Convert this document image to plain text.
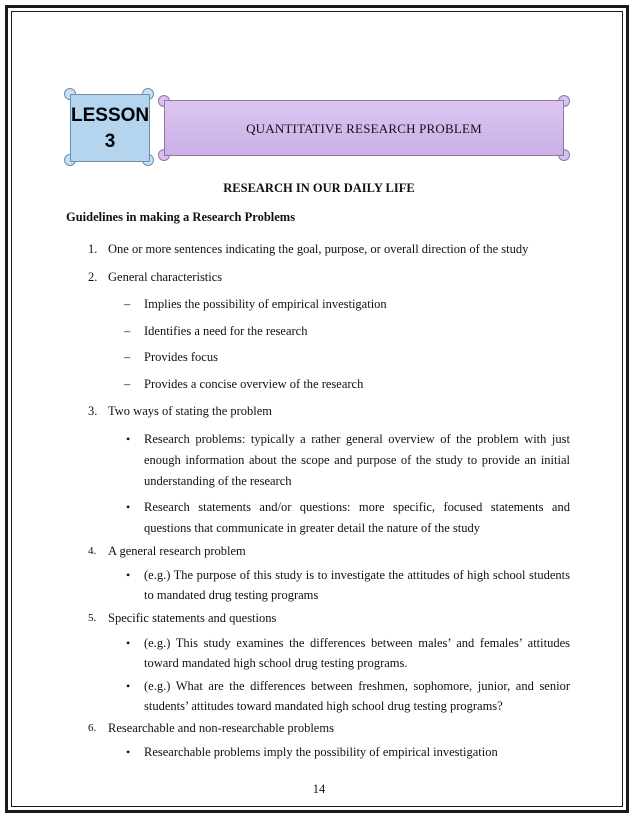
LESSON
3
QUANTITATIVE RESEARCH PROBLEM
RESEARCH IN OUR DAILY LIFE
Guidelines in making a Research Problems
1. One or more sentences indicating the goal, purpose, or overall direction of the study
2. General characteristics
– Implies the possibility of empirical investigation
– Identifies a need for the research
– Provides focus
– Provides a concise overview of the research
3. Two ways of stating the problem
• Research problems: typically a rather general overview of the problem with just
enough information about the scope and purpose of the study to provide an initial
understanding of the research
• Research statements and/or questions: more specific, focused statements and
questions that communicate in greater detail the nature of the study
4. A general research problem
• (e.g.) The purpose of this study is to investigate the attitudes of high school students
to mandated drug testing programs
5. Specific statements and questions
• (e.g.) This study examines the differences between males’ and females’ attitudes
toward mandated high school drug testing programs.
• (e.g.) What are the differences between freshmen, sophomore, junior, and senior
students’ attitudes toward mandated high school drug testing programs?
6. Researchable and non-researchable problems
• Researchable problems imply the possibility of empirical investigation
14
